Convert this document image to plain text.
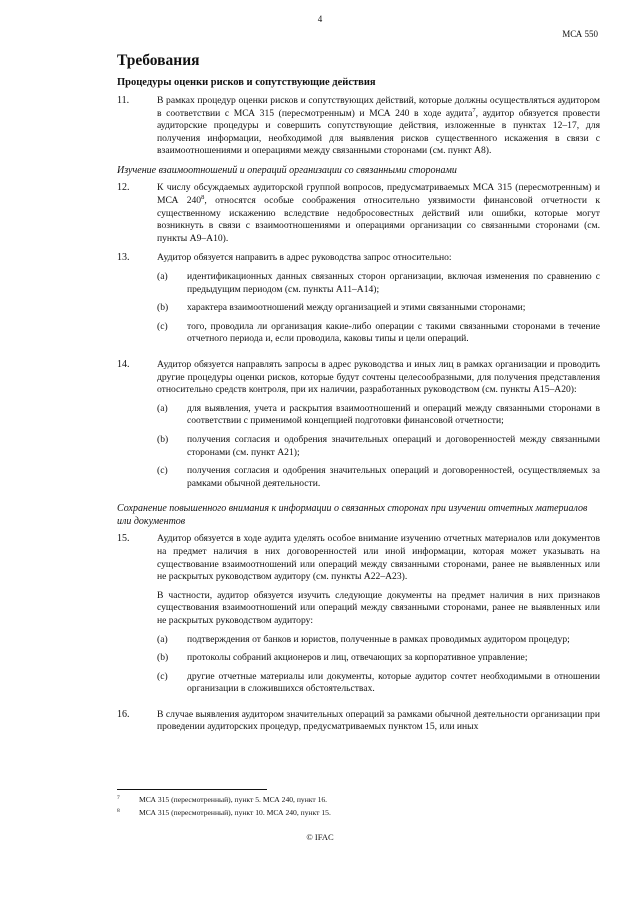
4
МСА 550
Требования
Процедуры оценки рисков и сопутствующие действия
11.	В рамках процедур оценки рисков и сопутствующих действий, которые должны осуществляться аудитором в соответствии с МСА 315 (пересмотренным) и МСА 240 в ходе аудита$^7$, аудитор обязуется провести аудиторские процедуры и совершить сопутствующие действия, изложенные в пунктах 12–17, для получения информации, необходимой для выявления рисков существенного искажения в связи с взаимоотношениями и операциями между связанными сторонами (см. пункт A8).
Изучение взаимоотношений и операций организации со связанными сторонами
12.	К числу обсуждаемых аудиторской группой вопросов, предусматриваемых МСА 315 (пересмотренным) и МСА $240^8$, относятся особые соображения относительно уязвимости финансовой отчетности к существенному искажению вследствие недобросовестных действий или ошибки, которые могут возникнуть в связи с взаимоотношениями и операциями организации со связанными сторонами (см. пункты A9–A10).
13.	Аудитор обязуется направить в адрес руководства запрос относительно:
(a)	идентификационных данных связанных сторон организации, включая изменения по сравнению с предыдущим периодом (см. пункты A11–A14);
(b)	характера взаимоотношений между организацией и этими связанными сторонами;
(c)	того, проводила ли организация какие-либо операции с такими связанными сторонами в течение отчетного периода и, если проводила, каковы типы и цели операций.
14.	Аудитор обязуется направлять запросы в адрес руководства и иных лиц в рамках организации и проводить другие процедуры оценки рисков, которые будут сочтены целесообразными, для получения представления относительно средств контроля, при их наличии, разработанных руководством (см. пункты A15–A20):
(a)	для выявления, учета и раскрытия взаимоотношений и операций между связанными сторонами в соответствии с применимой концепцией подготовки финансовой отчетности;
(b)	получения согласия и одобрения значительных операций и договоренностей между связанными сторонами (см. пункт A21);
(c)	получения согласия и одобрения значительных операций и договоренностей, осуществляемых за рамками обычной деятельности.
Сохранение повышенного внимания к информации о связанных сторонах при изучении отчетных материалов или документов
15.	Аудитор обязуется в ходе аудита уделять особое внимание изучению отчетных материалов или документов на предмет наличия в них договоренностей или иной информации, которая может указывать на существование взаимоотношений или операций между связанными сторонами, ранее не выявленных или не раскрытых руководством аудитору (см. пункты A22–A23).

В частности, аудитор обязуется изучить следующие документы на предмет наличия в них признаков существования взаимоотношений или операций между связанными сторонами, ранее не выявленных или не раскрытых руководством аудитору:

(a)	подтверждения от банков и юристов, полученные в рамках проводимых аудитором процедур;
(b)	протоколы собраний акционеров и лиц, отвечающих за корпоративное управление;
(c)	другие отчетные материалы или документы, которые аудитор сочтет необходимыми в отношении организации в сложившихся обстоятельствах.
16.	В случае выявления аудитором значительных операций за рамками обычной деятельности организации при проведении аудиторских процедур, предусматриваемых пунктом 15, или иных
7	МСА 315 (пересмотренный), пункт 5. МСА 240, пункт 16.
8	МСА 315 (пересмотренный), пункт 10. МСА 240, пункт 15.
© IFAC
